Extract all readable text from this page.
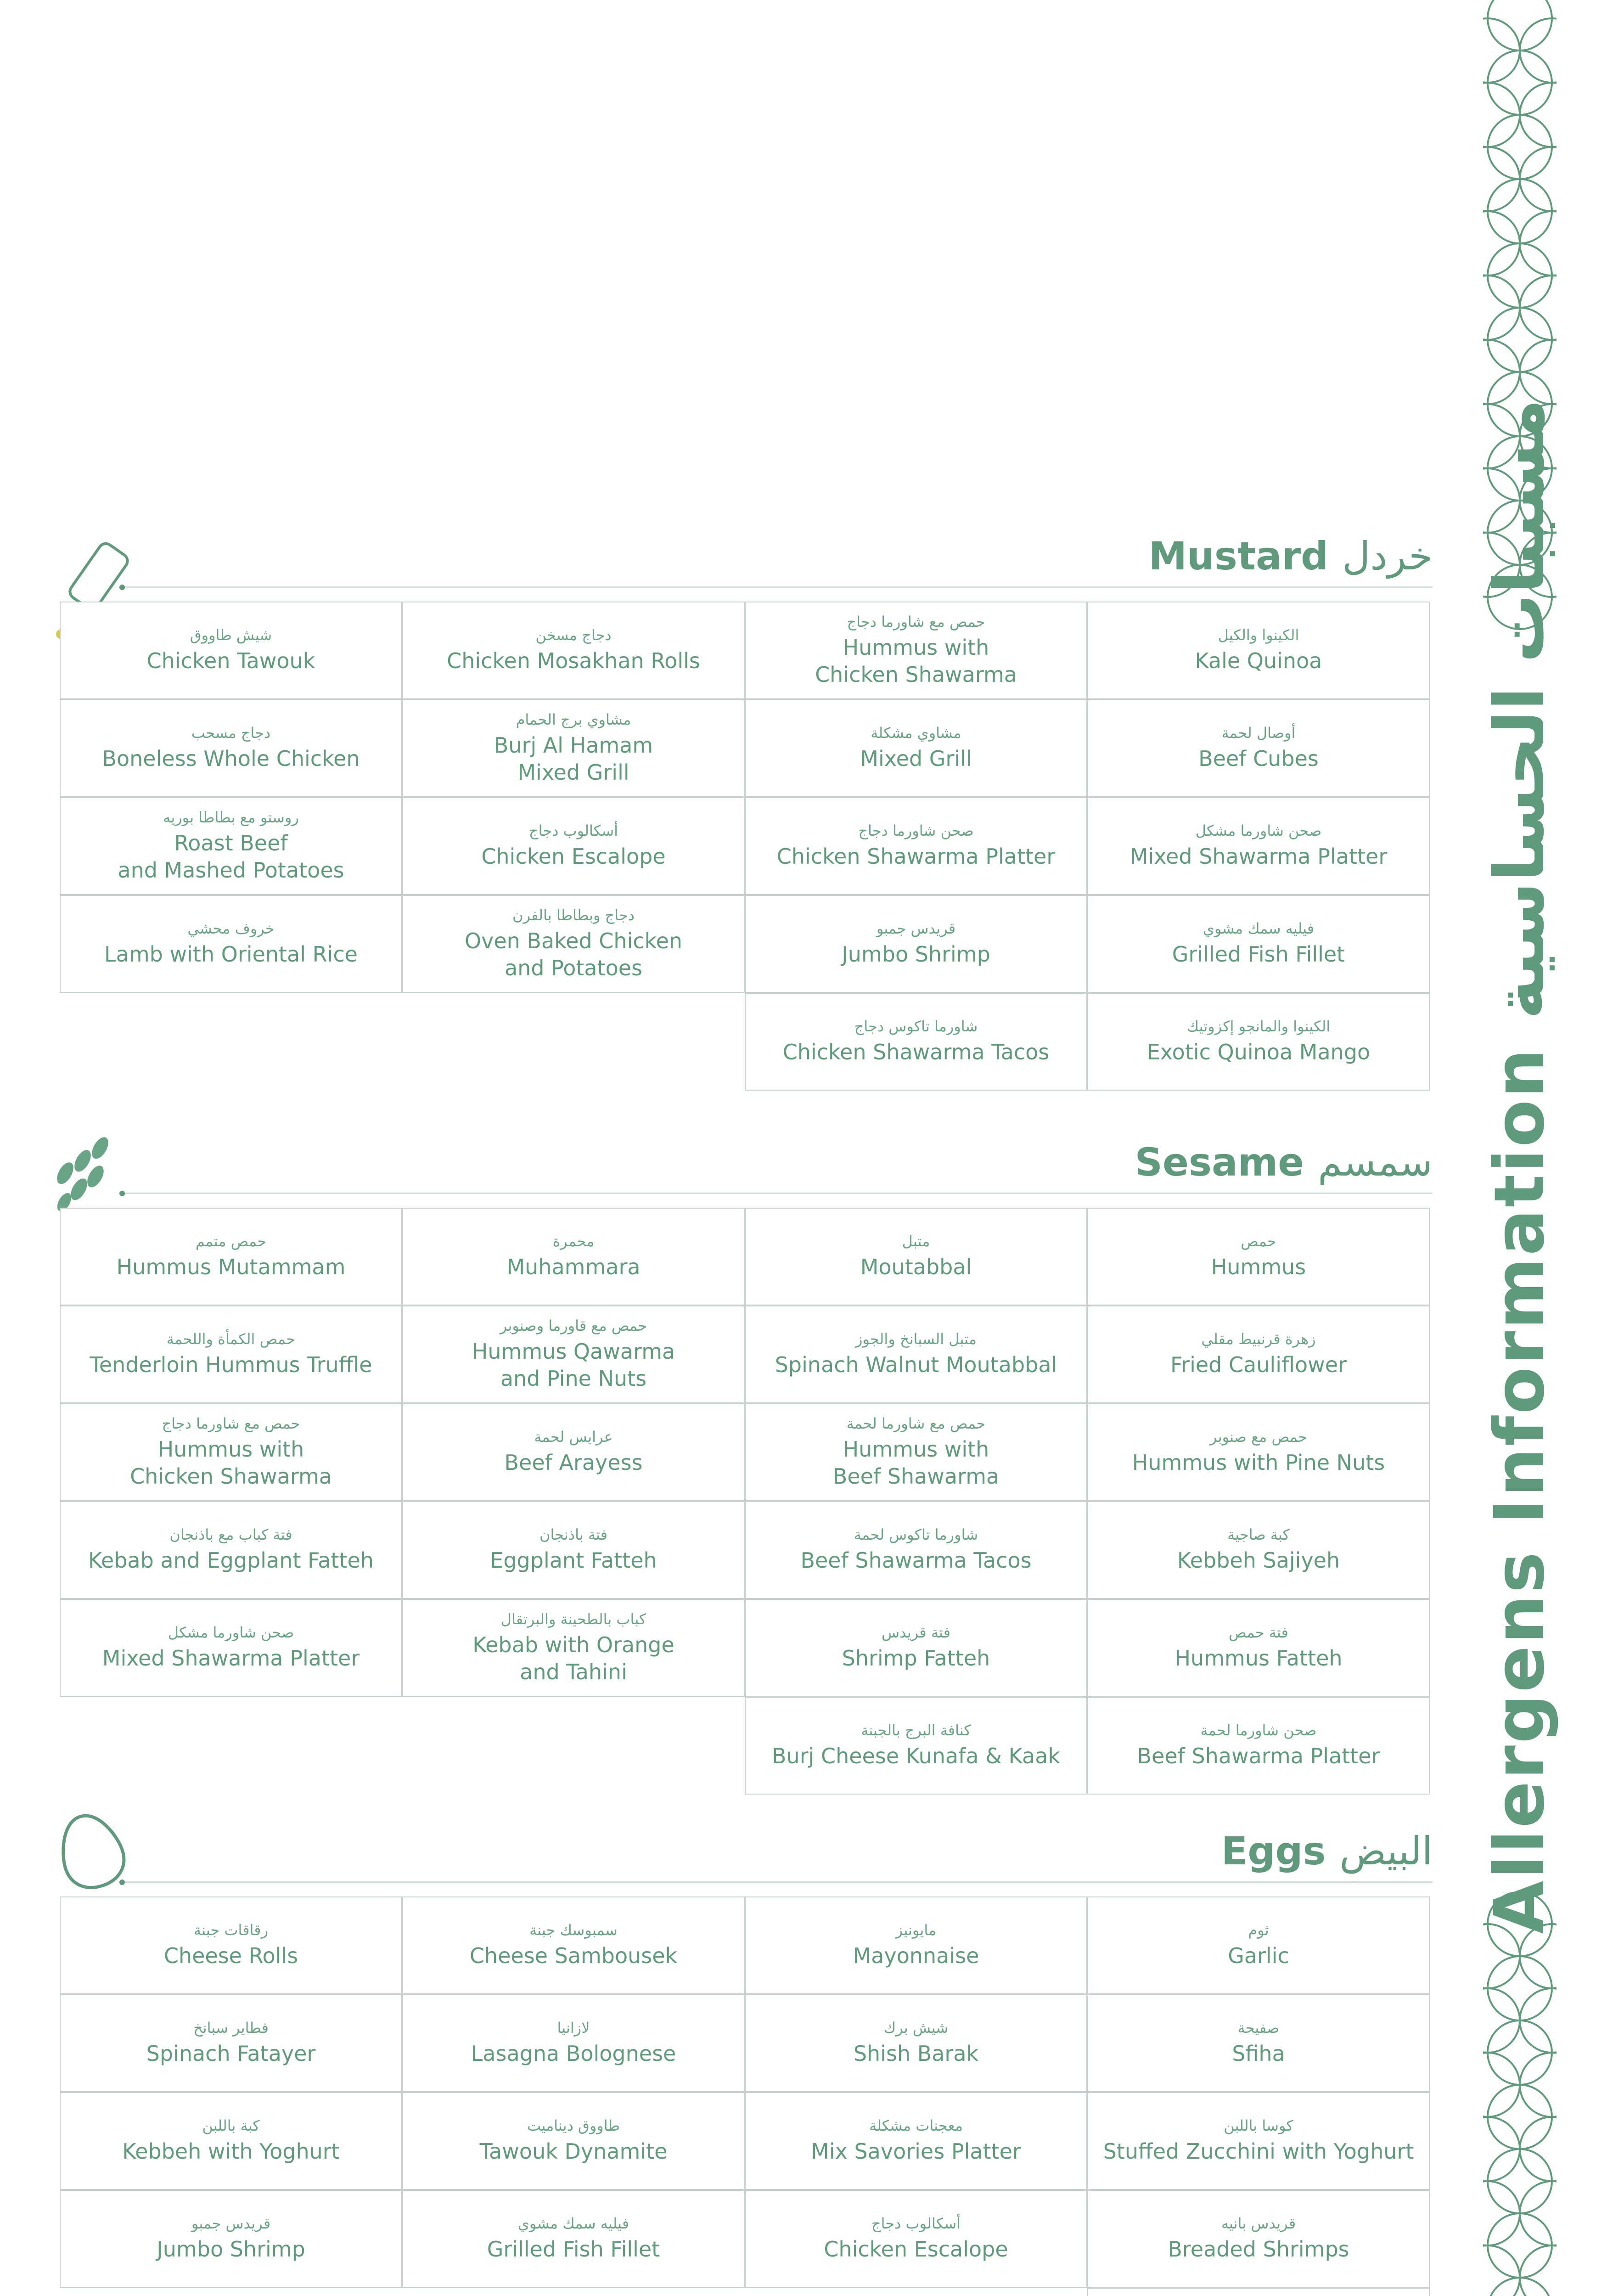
Mustard خردل
شيش طاووق
Chicken Tawouk
دجاج مسخن
Chicken Mosakhan Rolls
حمص مع شاورما دجاج
Hummus with
Chicken Shawarma
الكينوا والكيل
Kale Quinoa
دجاج مسحب
Boneless Whole Chicken
مشاوي برج الحمام
Burj Al Hamam
Mixed Grill
مشاوي مشكلة
Mixed Grill
أوصال لحمة
Beef Cubes
روستو مع بطاطا بوريه
Roast Beef
and Mashed Potatoes
أسكالوب دجاج
Chicken Escalope
صحن شاورما دجاج
Chicken Shawarma Platter
صحن شاورما مشكل
Mixed Shawarma Platter
خروف محشي
Lamb with Oriental Rice
دجاج وبطاطا بالفرن
Oven Baked Chicken
and Potatoes
قريدس جمبو
Jumbo Shrimp
فيليه سمك مشوي
Grilled Fish Fillet
شاورما تاكوس دجاج
Chicken Shawarma Tacos
الكينوا والمانجو إكزوتيك
Exotic Quinoa Mango
Sesame سمسم
حمص متمم
Hummus Mutammam
محمرة
Muhammara
متبل
Moutabbal
حمص
Hummus
حمص الكمأة واللحمة
Tenderloin Hummus Truffle
حمص مع قاورما وصنوبر
Hummus Qawarma
and Pine Nuts
متبل السبانخ والجوز
Spinach Walnut Moutabbal
زهرة قرنبيط مقلي
Fried Cauliflower
حمص مع شاورما دجاج
Hummus with
Chicken Shawarma
عرايس لحمة
Beef Arayess
حمص مع شاورما لحمة
Hummus with
Beef Shawarma
حمص مع صنوبر
Hummus with Pine Nuts
فتة كباب مع باذنجان
Kebab and Eggplant Fatteh
فتة باذنجان
Eggplant Fatteh
شاورما تاكوس لحمة
Beef Shawarma Tacos
كبة صاجية
Kebbeh Sajiyeh
صحن شاورما مشكل
Mixed Shawarma Platter
كباب بالطحينة والبرتقال
Kebab with Orange
and Tahini
فتة قريدس
Shrimp Fatteh
فتة حمص
Hummus Fatteh
كنافة البرج بالجبنة
Burj Cheese Kunafa & Kaak
صحن شاورما لحمة
Beef Shawarma Platter
Eggs البيض
رقاقات جبنة
Cheese Rolls
سمبوسك جبنة
Cheese Sambousek
مايونيز
Mayonnaise
ثوم
Garlic
فطاير سبانخ
Spinach Fatayer
لازانيا
Lasagna Bolognese
شيش برك
Shish Barak
صفيحة
Sfiha
كبة باللبن
Kebbeh with Yoghurt
طاووق ديناميت
Tawouk Dynamite
معجنات مشكلة
Mix Savories Platter
كوسا باللبن
Stuffed Zucchini with Yoghurt
قريدس جمبو
Jumbo Shrimp
فيليه سمك مشوي
Grilled Fish Fillet
أسكالوب دجاج
Chicken Escalope
قريدس بانيه
Breaded Shrimps
Allergens Informationمسببات الحساسية
